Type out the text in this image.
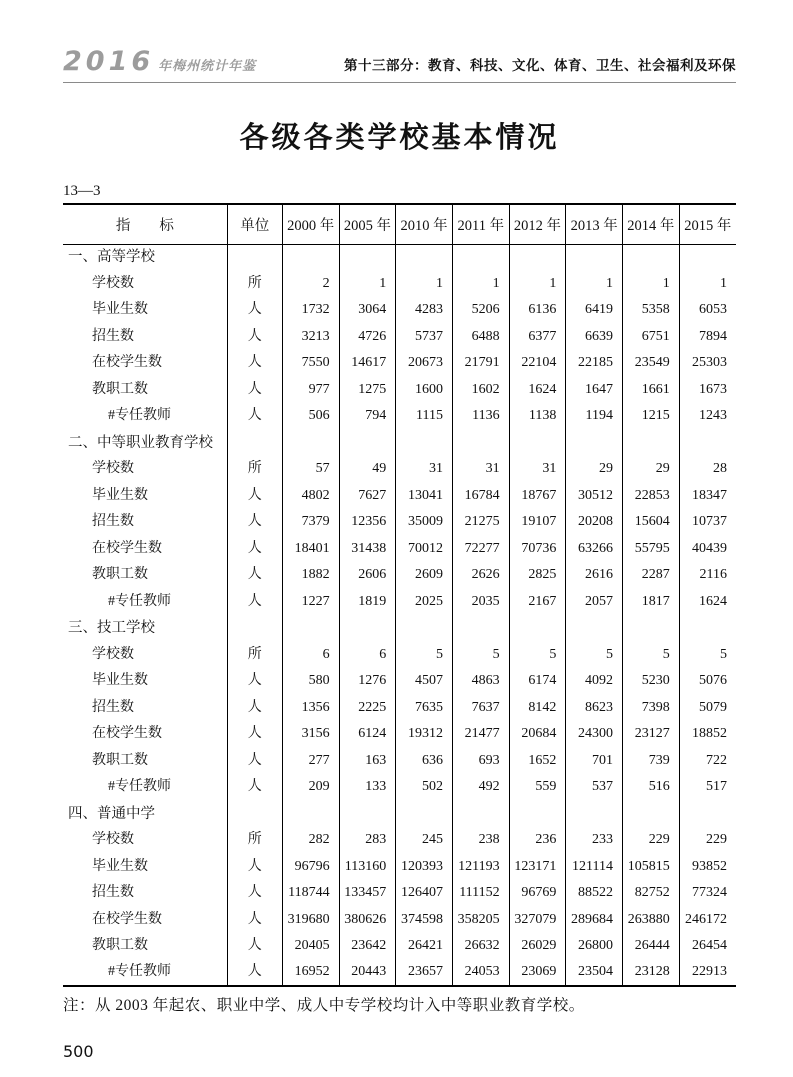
2016 年梅州统计年鉴	第十三部分：教育、科技、文化、体育、卫生、社会福利及环保
各级各类学校基本情况
13—3
指　　标	单位	2000 年	2005 年	2010 年	2011 年	2012 年	2013 年	2014 年	2015 年
一、高等学校									
学校数	所	2	1	1	1	1	1	1	1
毕业生数	人	1732	3064	4283	5206	6136	6419	5358	6053
招生数	人	3213	4726	5737	6488	6377	6639	6751	7894
在校学生数	人	7550	14617	20673	21791	22104	22185	23549	25303
教职工数	人	977	1275	1600	1602	1624	1647	1661	1673
#专任教师	人	506	794	1115	1136	1138	1194	1215	1243
二、中等职业教育学校									
学校数	所	57	49	31	31	31	29	29	28
毕业生数	人	4802	7627	13041	16784	18767	30512	22853	18347
招生数	人	7379	12356	35009	21275	19107	20208	15604	10737
在校学生数	人	18401	31438	70012	72277	70736	63266	55795	40439
教职工数	人	1882	2606	2609	2626	2825	2616	2287	2116
#专任教师	人	1227	1819	2025	2035	2167	2057	1817	1624
三、技工学校									
学校数	所	6	6	5	5	5	5	5	5
毕业生数	人	580	1276	4507	4863	6174	4092	5230	5076
招生数	人	1356	2225	7635	7637	8142	8623	7398	5079
在校学生数	人	3156	6124	19312	21477	20684	24300	23127	18852
教职工数	人	277	163	636	693	1652	701	739	722
#专任教师	人	209	133	502	492	559	537	516	517
四、普通中学									
学校数	所	282	283	245	238	236	233	229	229
毕业生数	人	96796	113160	120393	121193	123171	121114	105815	93852
招生数	人	118744	133457	126407	111152	96769	88522	82752	77324
在校学生数	人	319680	380626	374598	358205	327079	289684	263880	246172
教职工数	人	20405	23642	26421	26632	26029	26800	26444	26454
#专任教师	人	16952	20443	23657	24053	23069	23504	23128	22913
注：从 2003 年起农、职业中学、成人中专学校均计入中等职业教育学校。
500
